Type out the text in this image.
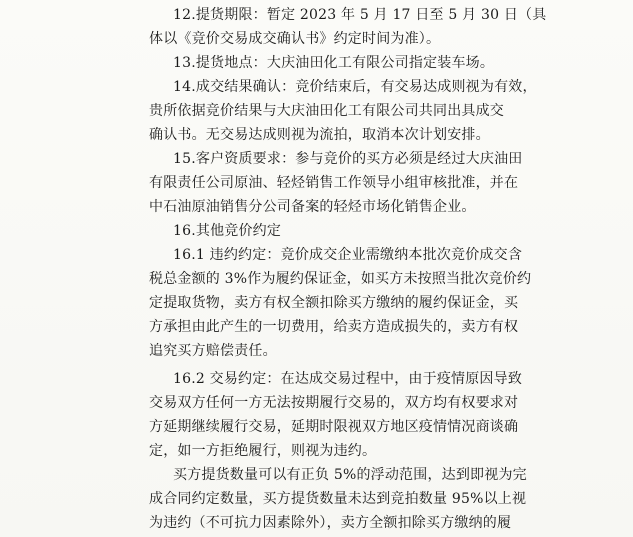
12.提货期限：暂定 2023 年 5 月 17 日至 5 月 30 日（具
体以《竞价交易成交确认书》约定时间为准）。
13.提货地点：大庆油田化工有限公司指定装车场。
14.成交结果确认：竞价结束后，有交易达成则视为有效，
贵所依据竞价结果与大庆油田化工有限公司共同出具成交
确认书。无交易达成则视为流拍，取消本次计划安排。
15.客户资质要求：参与竞价的买方必须是经过大庆油田
有限责任公司原油、轻烃销售工作领导小组审核批准，并在
中石油原油销售分公司备案的轻烃市场化销售企业。
16.其他竞价约定
16.1 违约约定：竞价成交企业需缴纳本批次竞价成交含
税总金额的 3%作为履约保证金，如买方未按照当批次竞价约
定提取货物，卖方有权全额扣除买方缴纳的履约保证金，买
方承担由此产生的一切费用，给卖方造成损失的，卖方有权
追究买方赔偿责任。
16.2 交易约定：在达成交易过程中，由于疫情原因导致
交易双方任何一方无法按期履行交易的，双方均有权要求对
方延期继续履行交易，延期时限视双方地区疫情情况商谈确
定，如一方拒绝履行，则视为违约。
买方提货数量可以有正负 5%的浮动范围，达到即视为完
成合同约定数量，买方提货数量未达到竞拍数量 95%以上视
为违约（不可抗力因素除外），卖方全额扣除买方缴纳的履
